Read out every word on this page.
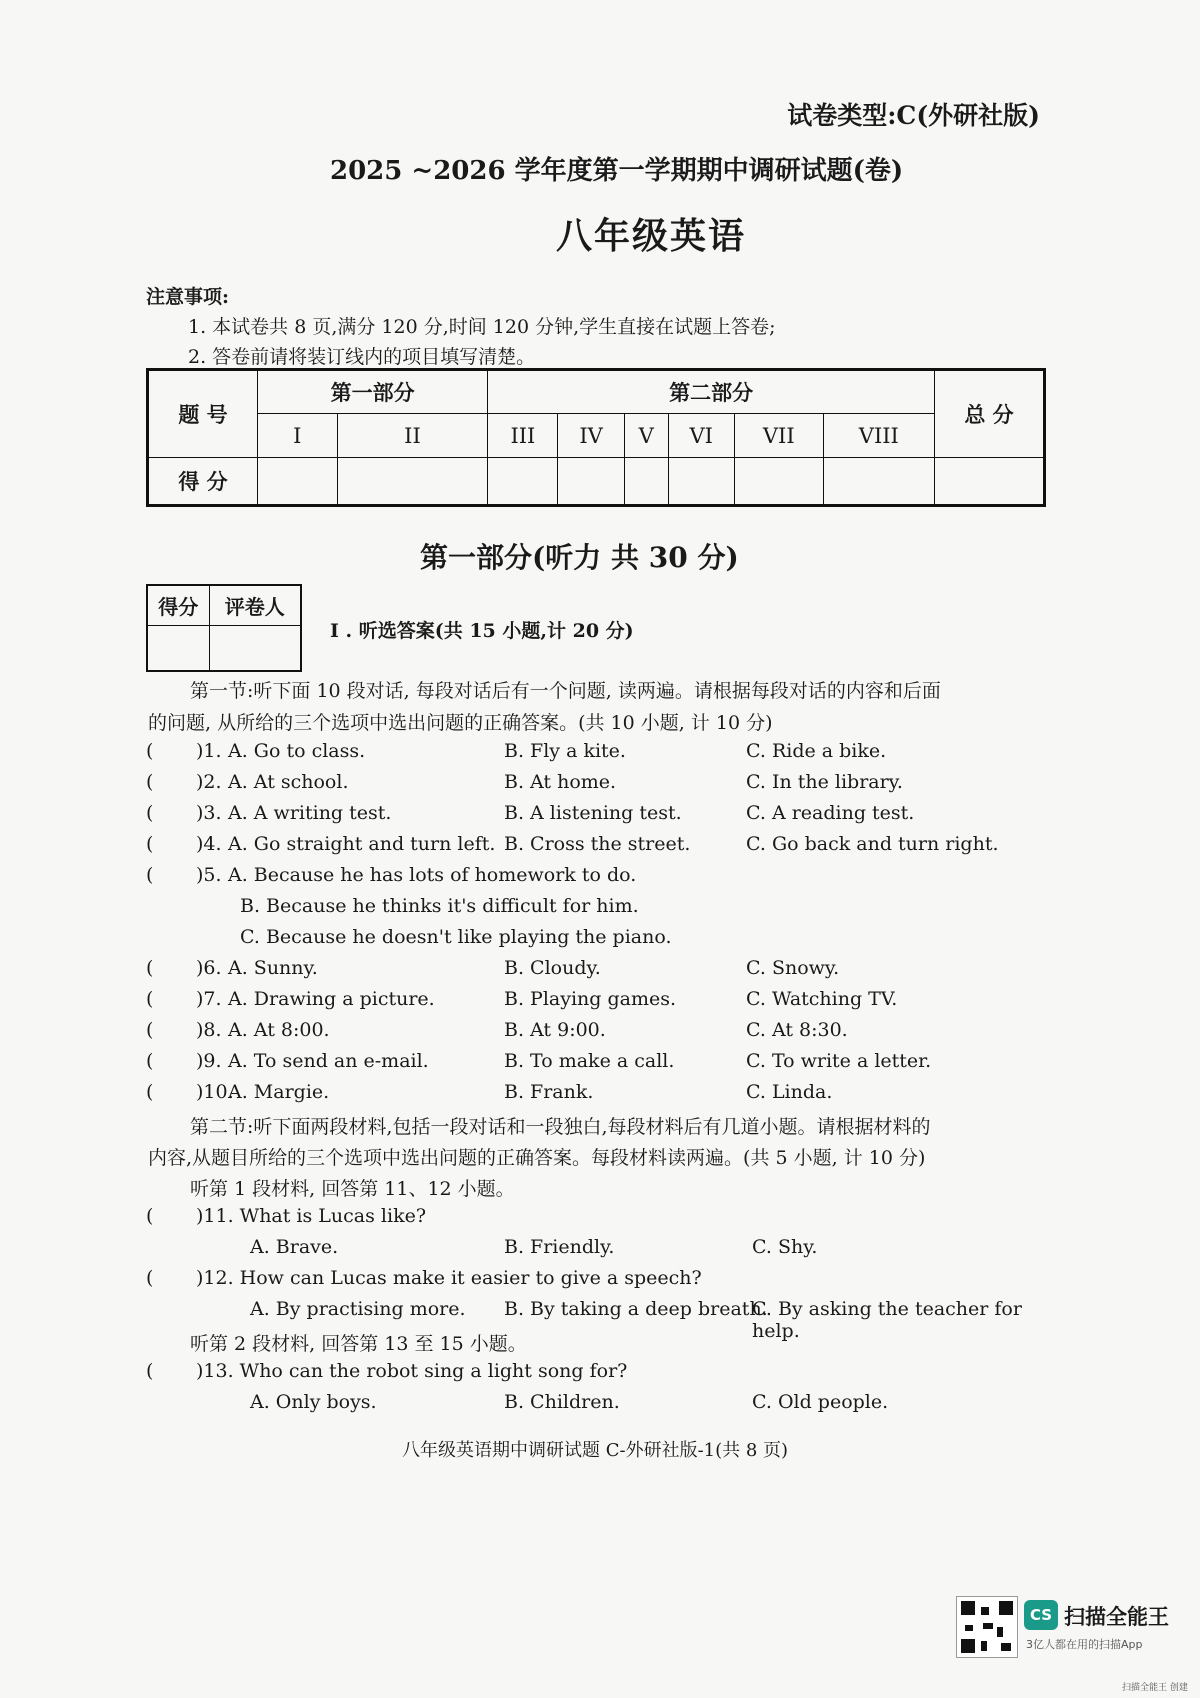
试卷类型:C(外研社版)
2025 ~2026 学年度第一学期期中调研试题(卷)
八年级英语
注意事项:
1. 本试卷共 8 页,满分 120 分,时间 120 分钟,学生直接在试题上答卷;
2. 答卷前请将装订线内的项目填写清楚。
题 号	第一部分		第二部分						总 分
	I	II	III	IV	V	VI	VII	VIII	
得 分									
第一部分(听力 共 30 分)
得分	评卷人

I . 听选答案(共 15 小题,计 20 分)
第一节:听下面 10 段对话, 每段对话后有一个问题, 读两遍。请根据每段对话的内容和后面
的问题, 从所给的三个选项中选出问题的正确答案。(共 10 小题, 计 10 分)
( )1. A. Go to class.	B. Fly a kite.	C. Ride a bike.
( )2. A. At school.	B. At home.	C. In the library.
( )3. A. A writing test.	B. A listening test.	C. A reading test.
( )4. A. Go straight and turn left. B. Cross the street.	C. Go back and turn right.
( )5. A. Because he has lots of homework to do.
B. Because he thinks it's difficult for him.
C. Because he doesn't like playing the piano.
( )6. A. Sunny.	B. Cloudy.	C. Snowy.
( )7. A. Drawing a picture.	B. Playing games.	C. Watching TV.
( )8. A. At 8:00.	B. At 9:00.	C. At 8:30.
( )9. A. To send an e-mail.	B. To make a call.	C. To write a letter.
( )10.
A. Margie.	B. Frank.	C. Linda.
第二节:听下面两段材料,包括一段对话和一段独白,每段材料后有几道小题。请根据材料的
内容,从题目所给的三个选项中选出问题的正确答案。每段材料读两遍。(共 5 小题, 计 10 分)
听第 1 段材料, 回答第 11、12 小题。
( )11. What is Lucas like?
A. Brave.	B. Friendly.	C. Shy.
( )12. How can Lucas make it easier to give a speech?
A. By practising more. B. By taking a deep breath.
C. By asking the teacher for help.
听第 2 段材料, 回答第 13 至 15 小题。
( )13. Who can the robot sing a light song for?
A. Only boys.	B. Children.	C. Old people.
八年级英语期中调研试题 C-外研社版-1(共 8 页)
CS 扫描全能王
3亿人都在用的扫描App
扫描全能王 创建
